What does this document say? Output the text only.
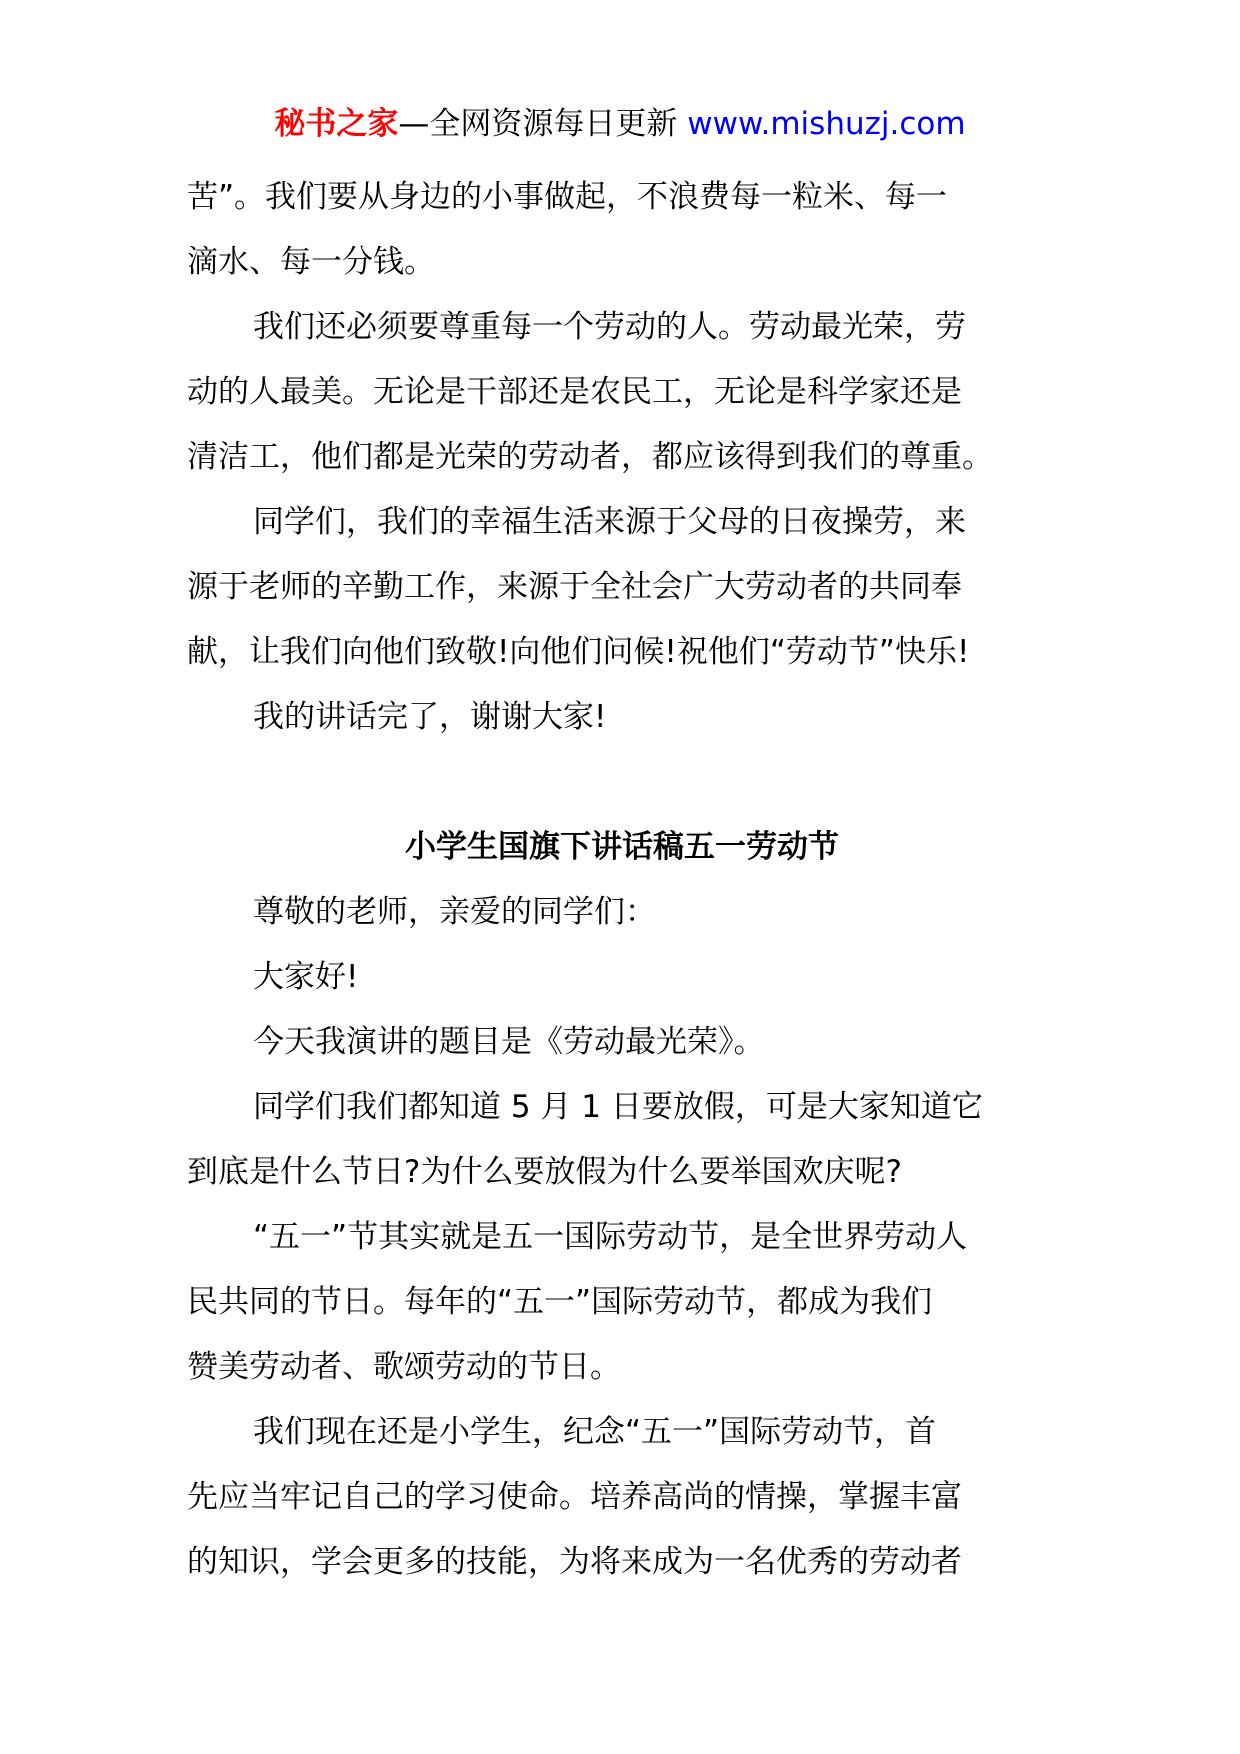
秘书之家—全网资源每日更新 www.mishuzj.com
苦”。我们要从身边的小事做起，不浪费每一粒米、每一
滴水、每一分钱。
我们还必须要尊重每一个劳动的人。劳动最光荣，劳
动的人最美。无论是干部还是农民工，无论是科学家还是
清洁工，他们都是光荣的劳动者，都应该得到我们的尊重。
同学们，我们的幸福生活来源于父母的日夜操劳，来
源于老师的辛勤工作，来源于全社会广大劳动者的共同奉
献，让我们向他们致敬!向他们问候!祝他们“劳动节”快乐!
我的讲话完了，谢谢大家!
小学生国旗下讲话稿五一劳动节
尊敬的老师，亲爱的同学们：
大家好!
今天我演讲的题目是《劳动最光荣》。
同学们我们都知道 5 月 1 日要放假，可是大家知道它
到底是什么节日?为什么要放假为什么要举国欢庆呢?
“五一”节其实就是五一国际劳动节，是全世界劳动人
民共同的节日。每年的“五一”国际劳动节，都成为我们
赞美劳动者、歌颂劳动的节日。
我们现在还是小学生，纪念“五一”国际劳动节，首
先应当牢记自己的学习使命。培养高尚的情操，掌握丰富
的知识，学会更多的技能，为将来成为一名优秀的劳动者
